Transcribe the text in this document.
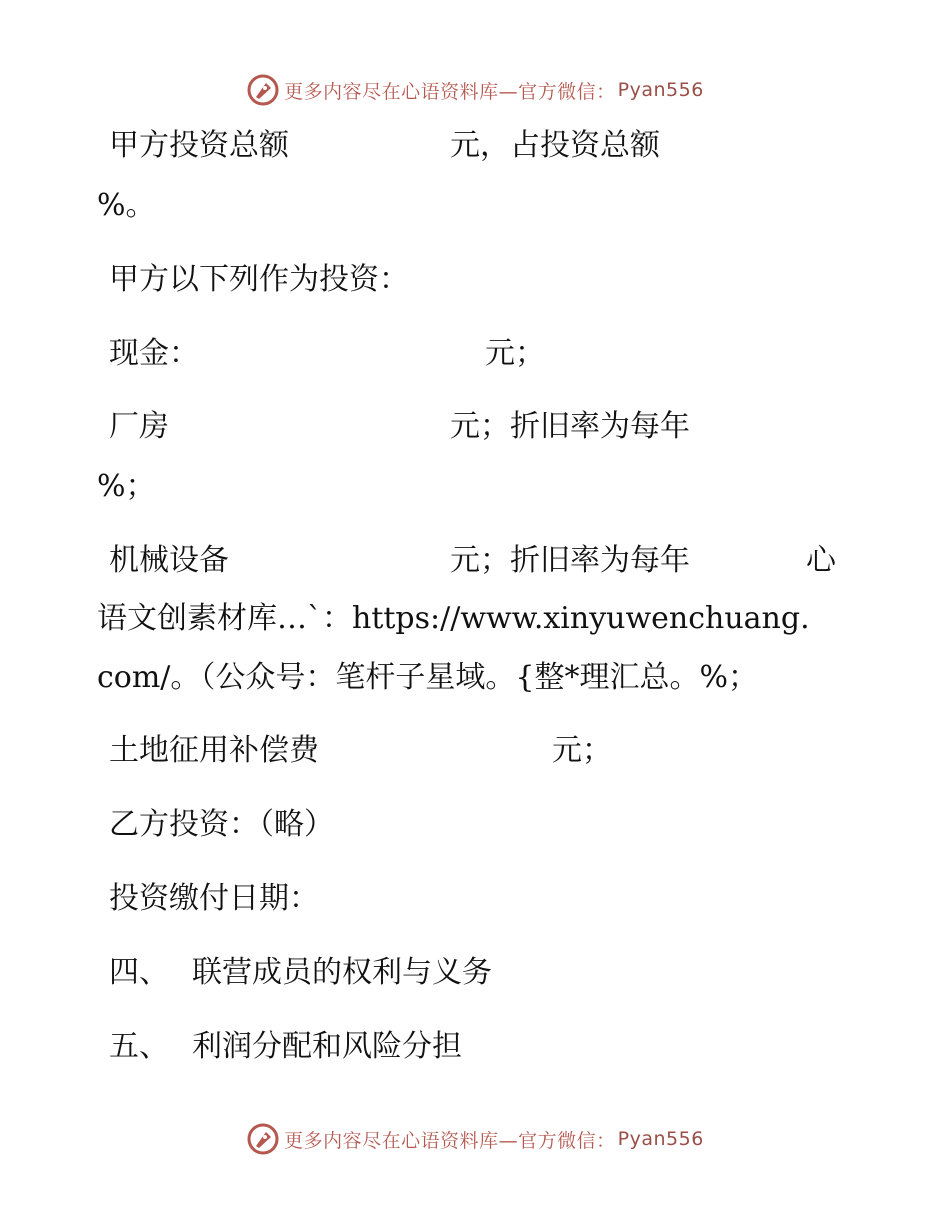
更多内容尽在心语资料库—官方微信： Pyan556

甲方投资总额

	元，占投资总额

%。

甲方以下列作为投资：

现金：

	元；

厂房

	元；折旧率为每年

%；

机械设备

	元；折旧率为每年

	心

语文创素材库…`：https://www.xinyuwenchuang.

com/。（公众号：笔杆子星域。{整*理汇总。%；

土地征用补偿费

	元；

乙方投资：（略）

投资缴付日期：

四、

联营成员的权利与义务

五、

利润分配和风险分担

更多内容尽在心语资料库—官方微信： Pyan556
